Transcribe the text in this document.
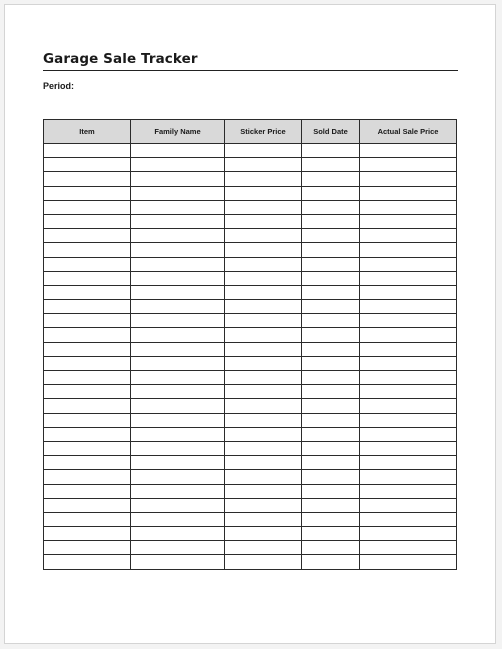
Garage Sale Tracker
Period:
Item	Family Name	Sticker Price	Sold Date	Actual Sale Price
